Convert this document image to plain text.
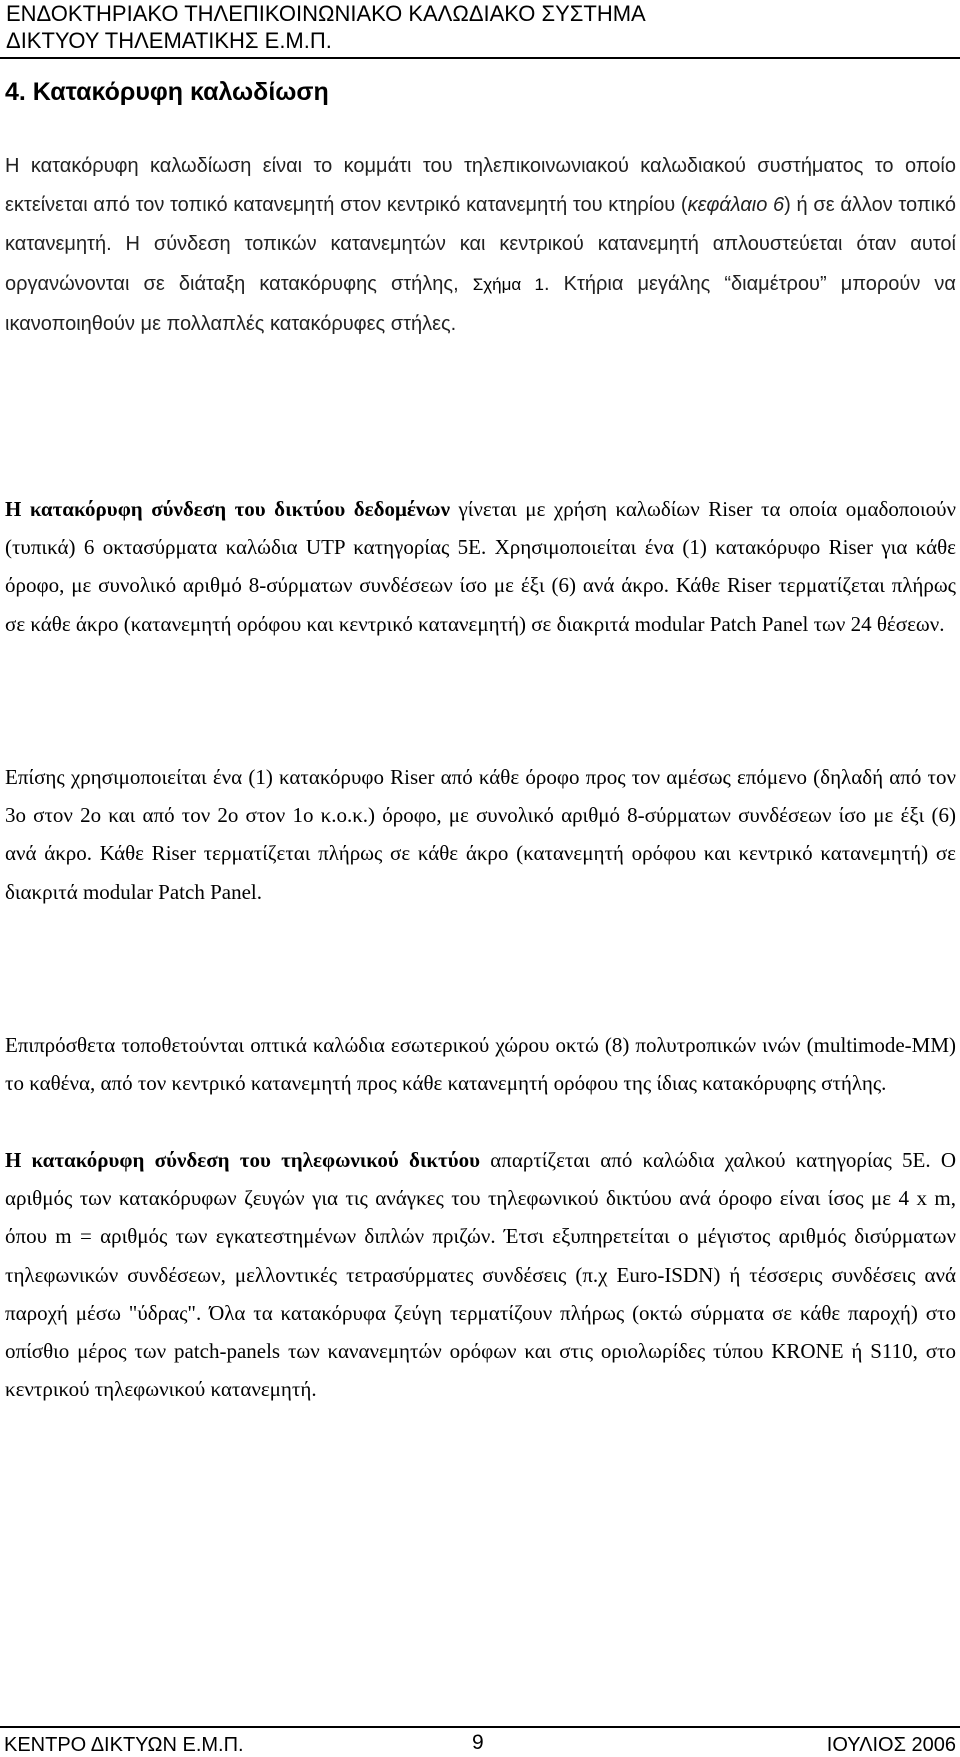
ΕΝΔΟΚΤΗΡΙΑΚΟ ΤΗΛΕΠΙΚΟΙΝΩΝΙΑΚΟ ΚΑΛΩΔΙΑΚΟ ΣΥΣΤΗΜΑ
ΔΙΚΤΥΟΥ ΤΗΛΕΜΑΤΙΚΗΣ Ε.Μ.Π.
4. Κατακόρυφη καλωδίωση

Η κατακόρυφη καλωδίωση είναι το κομμάτι του τηλεπικοινωνιακού καλωδιακού συστήματος το οποίο εκτείνεται από τον τοπικό κατανεμητή στον κεντρικό κατανεμητή του κτηρίου (κεφάλαιο 6) ή σε άλλον τοπικό κατανεμητή. Η σύνδεση τοπικών κατανεμητών και κεντρικού κατανεμητή απλουστεύεται όταν αυτοί οργανώνονται σε διάταξη κατακόρυφης στήλης, Σχήμα 1. Κτήρια μεγάλης “διαμέτρου” μπορούν να ικανοποιηθούν με πολλαπλές κατακόρυφες στήλες.

Η κατακόρυφη σύνδεση του δικτύου δεδομένων γίνεται με χρήση καλωδίων Riser τα οποία ομαδοποιούν (τυπικά) 6 οκτασύρματα καλώδια UTP κατηγορίας 5Ε. Χρησιμοποιείται ένα (1) κατακόρυφο Riser για κάθε όροφο, με συνολικό αριθμό 8-σύρματων συνδέσεων ίσο με έξι (6) ανά άκρο. Κάθε Riser τερματίζεται πλήρως σε κάθε άκρο (κατανεμητή ορόφου και κεντρικό κατανεμητή) σε διακριτά modular Patch Panel των 24 θέσεων.

Επίσης χρησιμοποιείται ένα (1) κατακόρυφο Riser από κάθε όροφο προς τον αμέσως επόμενο (δηλαδή από τον 3ο στον 2ο και από τον 2ο στον 1ο κ.ο.κ.) όροφο, με συνολικό αριθμό 8-σύρματων συνδέσεων ίσο με έξι (6) ανά άκρο. Κάθε Riser τερματίζεται πλήρως σε κάθε άκρο (κατανεμητή ορόφου και κεντρικό κατανεμητή) σε διακριτά modular Patch Panel.

Επιπρόσθετα τοποθετούνται οπτικά καλώδια εσωτερικού χώρου οκτώ (8) πολυτροπικών ινών (multimode-MM) το καθένα, από τον κεντρικό κατανεμητή προς κάθε κατανεμητή ορόφου της ίδιας κατακόρυφης στήλης.

Η κατακόρυφη σύνδεση του τηλεφωνικού δικτύου απαρτίζεται από καλώδια χαλκού κατηγορίας 5Ε. Ο αριθμός των κατακόρυφων ζευγών για τις ανάγκες του τηλεφωνικού δικτύου ανά όροφο είναι ίσος με 4 x m, όπου m = αριθμός των εγκατεστημένων διπλών πριζών. Έτσι εξυπηρετείται ο μέγιστος αριθμός δισύρματων τηλεφωνικών συνδέσεων, μελλοντικές τετρασύρματες συνδέσεις (π.χ Euro-ISDN) ή τέσσερις συνδέσεις ανά παροχή μέσω "ύδρας". Όλα τα κατακόρυφα ζεύγη τερματίζουν πλήρως (οκτώ σύρματα σε κάθε παροχή) στο οπίσθιο μέρος των patch-panels των κανανεμητών ορόφων και στις οριολωρίδες τύπου KRONE ή S110, στο κεντρικού τηλεφωνικού κατανεμητή.

ΚΕΝΤΡΟ ΔΙΚΤΥΩΝ Ε.Μ.Π.	9	ΙΟΥΛΙΟΣ 2006
